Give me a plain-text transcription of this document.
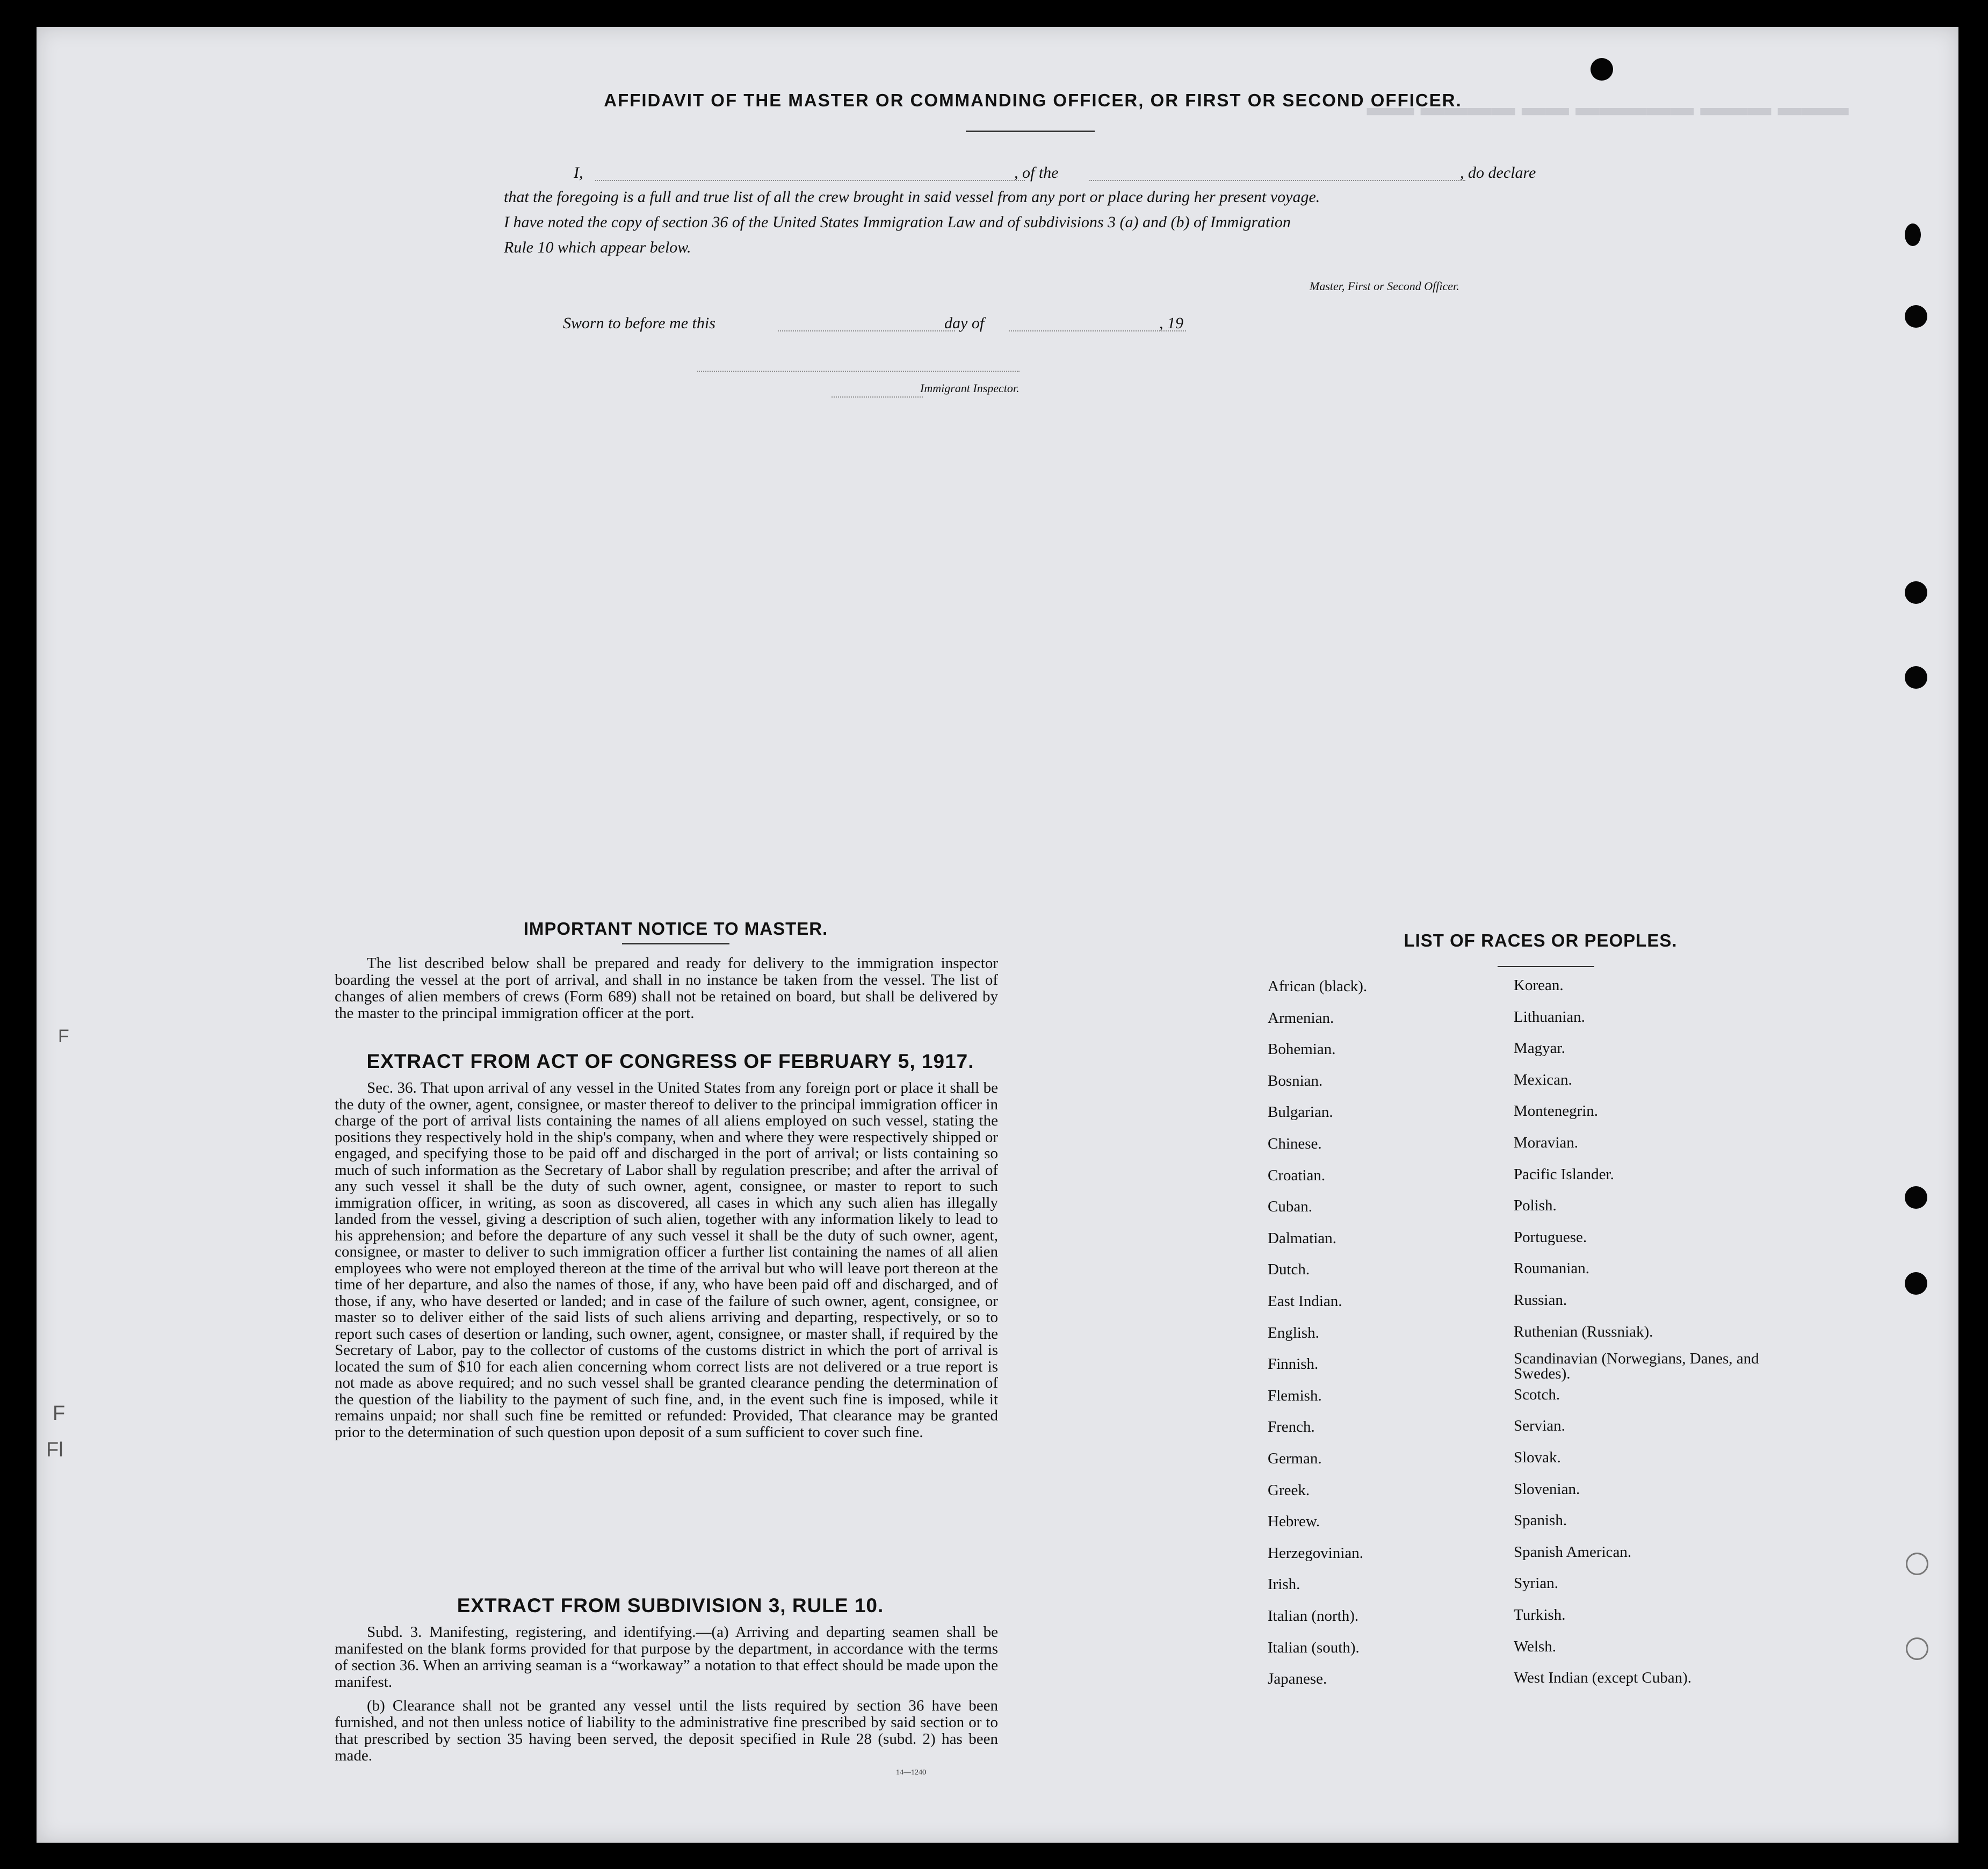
▬▬▬ ▬▬▬ ▬▬▬▬▬ ▬▬ ▬▬▬▬ ▬▬
F
Fl
F
AFFIDAVIT OF THE MASTER OR COMMANDING OFFICER, OR FIRST OR SECOND OFFICER.
I,	, of the	, do declare
that the foregoing is a full and true list of all the crew brought in said vessel from any port or place during her present voyage.
I have noted the copy of section 36 of the United States Immigration Law and of subdivisions 3 (a) and (b) of Immigration
Rule 10 which appear below.
Master, First or Second Officer.
Sworn to before me this	day of	, 19
Immigrant Inspector.
IMPORTANT NOTICE TO MASTER.
The list described below shall be prepared and ready for delivery to the immigration inspector boarding the vessel at the port of arrival, and shall in no instance be taken from the vessel. The list of changes of alien members of crews (Form 689) shall not be retained on board, but shall be delivered by the master to the principal immigration officer at the port.
EXTRACT FROM ACT OF CONGRESS OF FEBRUARY 5, 1917.
Sec. 36. That upon arrival of any vessel in the United States from any foreign port or place it shall be the duty of the owner, agent, consignee, or master thereof to deliver to the principal immigration officer in charge of the port of arrival lists containing the names of all aliens employed on such vessel, stating the positions they respectively hold in the ship's company, when and where they were respectively shipped or engaged, and specifying those to be paid off and discharged in the port of arrival; or lists containing so much of such information as the Secretary of Labor shall by regulation prescribe; and after the arrival of any such vessel it shall be the duty of such owner, agent, consignee, or master to report to such immigration officer, in writing, as soon as discovered, all cases in which any such alien has illegally landed from the vessel, giving a description of such alien, together with any information likely to lead to his apprehension; and before the departure of any such vessel it shall be the duty of such owner, agent, consignee, or master to deliver to such immigration officer a further list containing the names of all alien employees who were not employed thereon at the time of the arrival but who will leave port thereon at the time of her departure, and also the names of those, if any, who have been paid off and discharged, and of those, if any, who have deserted or landed; and in case of the failure of such owner, agent, consignee, or master so to deliver either of the said lists of such aliens arriving and departing, respectively, or so to report such cases of desertion or landing, such owner, agent, consignee, or master shall, if required by the Secretary of Labor, pay to the collector of customs of the customs district in which the port of arrival is located the sum of $10 for each alien concerning whom correct lists are not delivered or a true report is not made as above required; and no such vessel shall be granted clearance pending the determination of the question of the liability to the payment of such fine, and, in the event such fine is imposed, while it remains unpaid; nor shall such fine be remitted or refunded: Provided, That clearance may be granted prior to the determination of such question upon deposit of a sum sufficient to cover such fine.
EXTRACT FROM SUBDIVISION 3, RULE 10.
Subd. 3. Manifesting, registering, and identifying.—(a) Arriving and departing seamen shall be manifested on the blank forms provided for that purpose by the department, in accordance with the terms of section 36. When an arriving seaman is a “workaway” a notation to that effect should be made upon the manifest.
(b) Clearance shall not be granted any vessel until the lists required by section 36 have been furnished, and not then unless notice of liability to the administrative fine prescribed by said section or to that prescribed by section 35 having been served, the deposit specified in Rule 28 (subd. 2) has been made.
14—1240
LIST OF RACES OR PEOPLES.
African (black).
Armenian.
Bohemian.
Bosnian.
Bulgarian.
Chinese.
Croatian.
Cuban.
Dalmatian.
Dutch.
East Indian.
English.
Finnish.
Flemish.
French.
German.
Greek.
Hebrew.
Herzegovinian.
Irish.
Italian (north).
Italian (south).
Japanese.
Korean.
Lithuanian.
Magyar.
Mexican.
Montenegrin.
Moravian.
Pacific Islander.
Polish.
Portuguese.
Roumanian.
Russian.
Ruthenian (Russniak).
Scandinavian (Norwegians, Danes, and Swedes).
Scotch.
Servian.
Slovak.
Slovenian.
Spanish.
Spanish American.
Syrian.
Turkish.
Welsh.
West Indian (except Cuban).
